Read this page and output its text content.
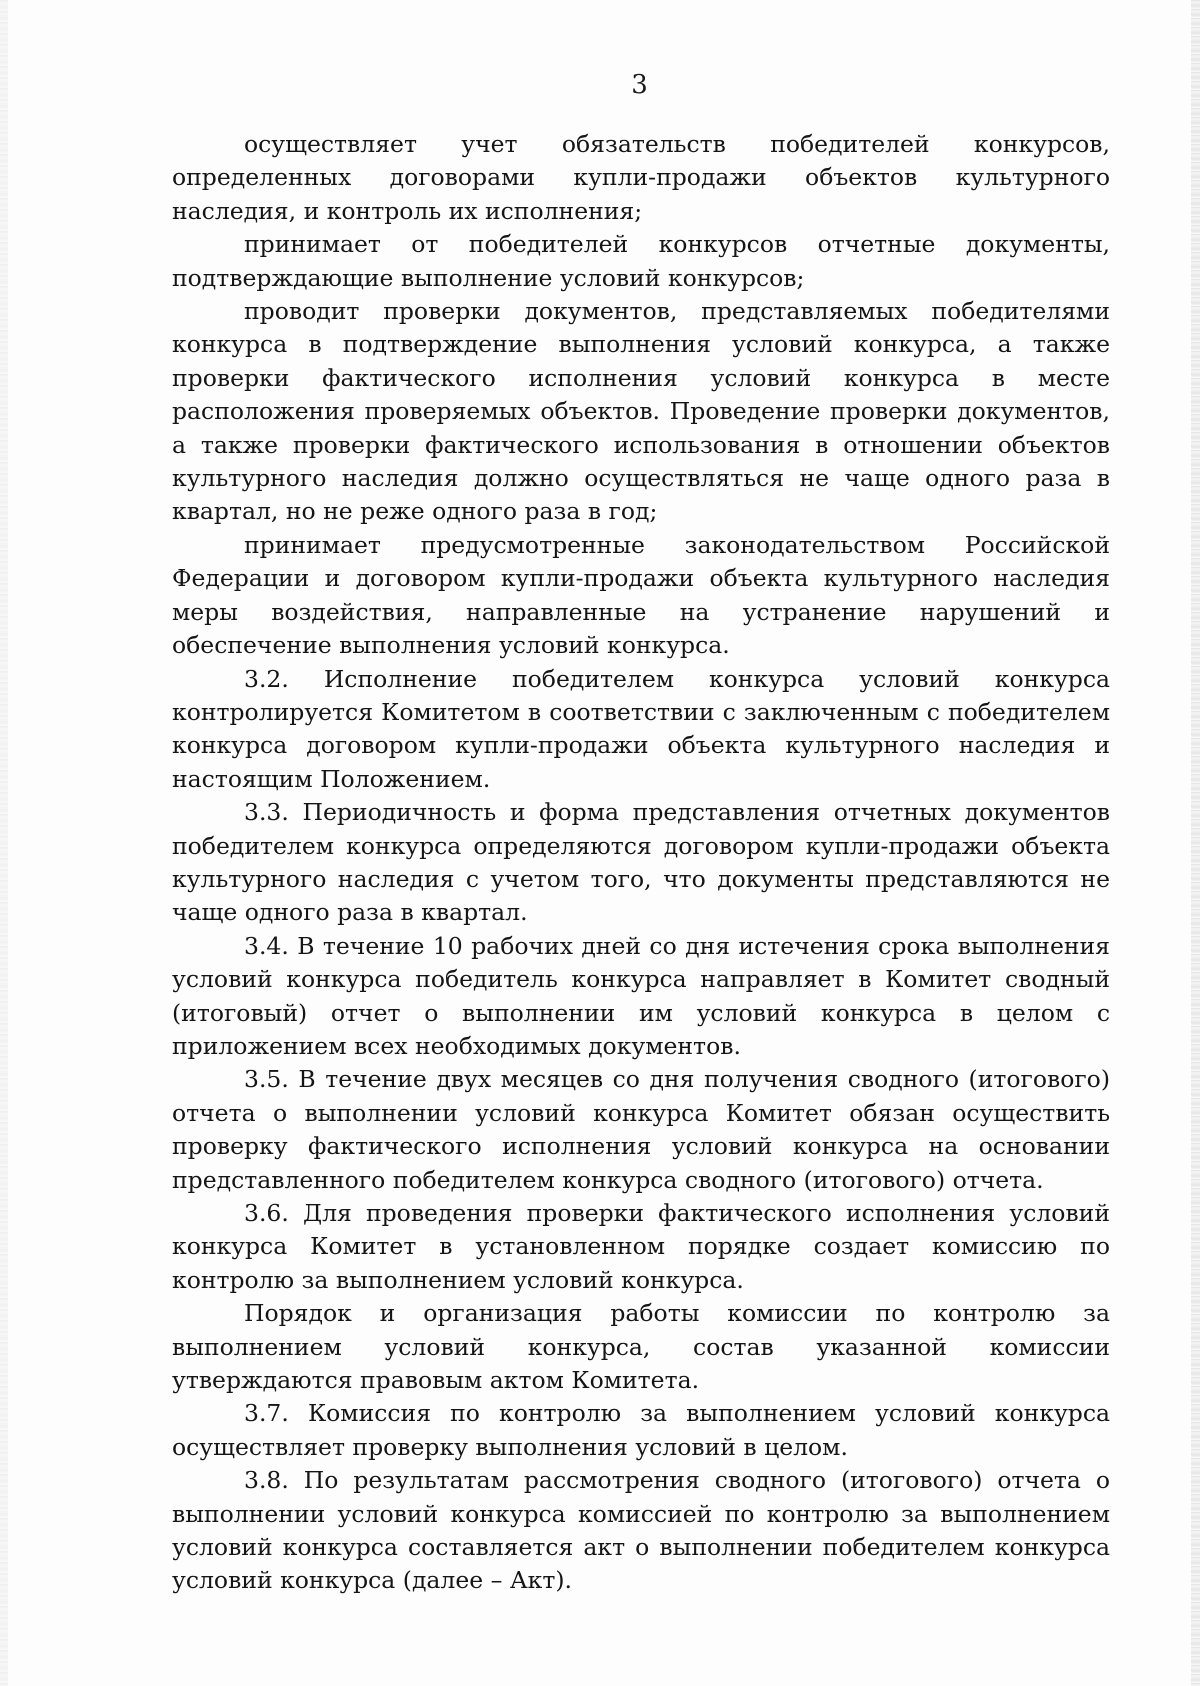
3

осуществляет учет обязательств победителей конкурсов, определенных договорами купли-продажи объектов культурного наследия, и контроль их исполнения;

принимает от победителей конкурсов отчетные документы, подтверждающие выполнение условий конкурсов;

проводит проверки документов, представляемых победителями конкурса в подтверждение выполнения условий конкурса, а также проверки фактического исполнения условий конкурса в месте расположения проверяемых объектов. Проведение проверки документов, а также проверки фактического использования в отношении объектов культурного наследия должно осуществляться не чаще одного раза в квартал, но не реже одного раза в год;

принимает предусмотренные законодательством Российской Федерации и договором купли-продажи объекта культурного наследия меры воздействия, направленные на устранение нарушений и обеспечение выполнения условий конкурса.

3.2. Исполнение победителем конкурса условий конкурса контролируется Комитетом в соответствии с заключенным с победителем конкурса договором купли-продажи объекта культурного наследия и настоящим Положением.

3.3. Периодичность и форма представления отчетных документов победителем конкурса определяются договором купли-продажи объекта культурного наследия с учетом того, что документы представляются не чаще одного раза в квартал.

3.4. В течение 10 рабочих дней со дня истечения срока выполнения условий конкурса победитель конкурса направляет в Комитет сводный (итоговый) отчет о выполнении им условий конкурса в целом с приложением всех необходимых документов.

3.5. В течение двух месяцев со дня получения сводного (итогового) отчета о выполнении условий конкурса Комитет обязан осуществить проверку фактического исполнения условий конкурса на основании представленного победителем конкурса сводного (итогового) отчета.

3.6. Для проведения проверки фактического исполнения условий конкурса Комитет в установленном порядке создает комиссию по контролю за выполнением условий конкурса.

Порядок и организация работы комиссии по контролю за выполнением условий конкурса, состав указанной комиссии утверждаются правовым актом Комитета.

3.7. Комиссия по контролю за выполнением условий конкурса осуществляет проверку выполнения условий в целом.

3.8. По результатам рассмотрения сводного (итогового) отчета о выполнении условий конкурса комиссией по контролю за выполнением условий конкурса составляется акт о выполнении победителем конкурса условий конкурса (далее – Акт).
